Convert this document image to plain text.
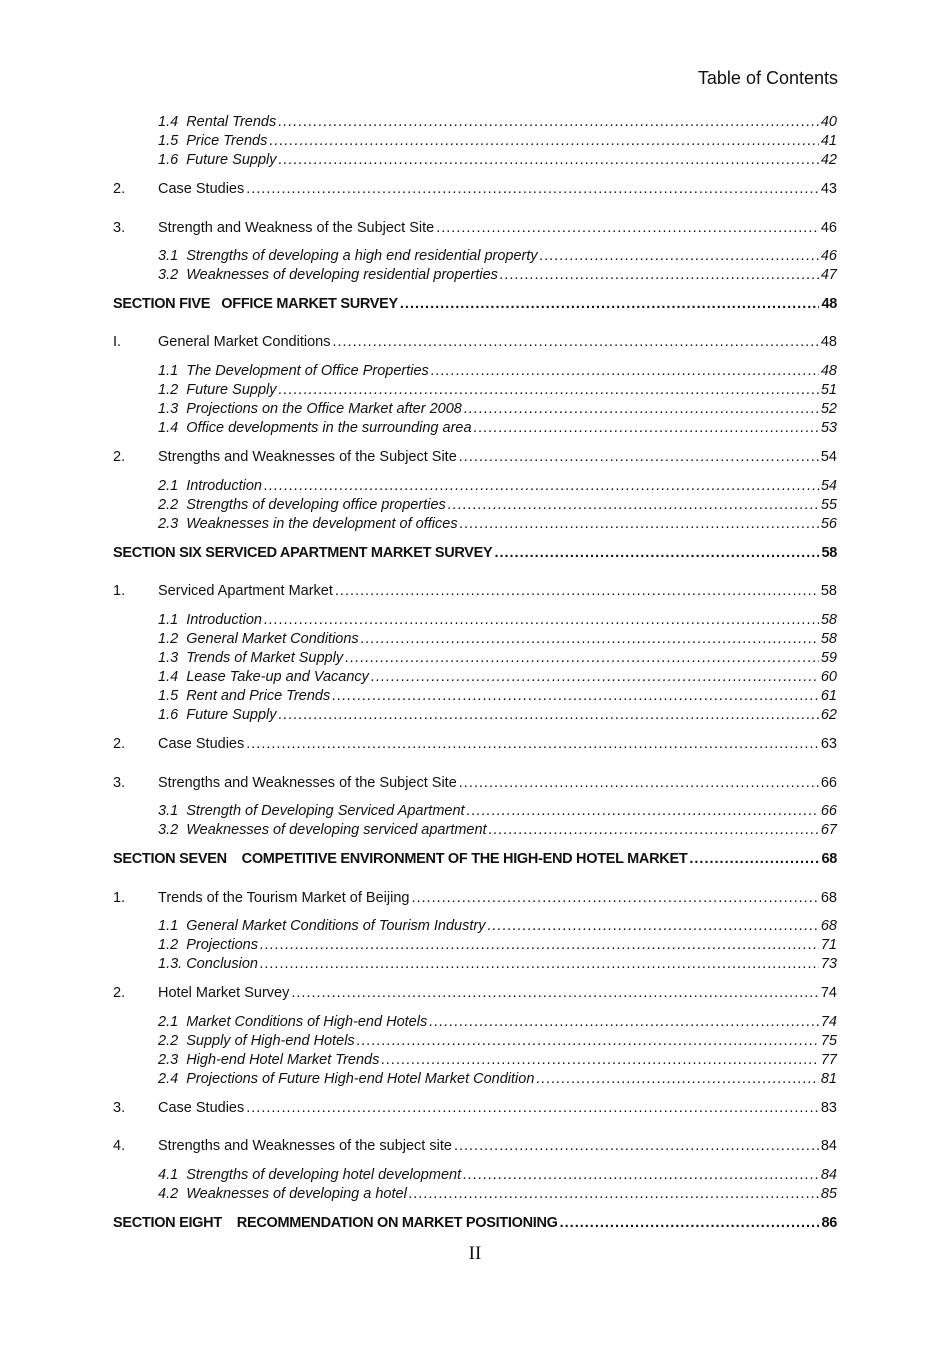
Table of Contents
1.4  Rental Trends .....	40
1.5  Price Trends .....	41
1.6  Future Supply .....	42
2.	Case Studies .....	43
3.	Strength and Weakness of the Subject Site .....	46
3.1  Strengths of developing a high end residential property .....	46
3.2  Weaknesses of developing residential properties .....	47
SECTION FIVE   OFFICE MARKET SURVEY .....	48
I.	General Market Conditions .....	48
1.1  The Development of Office Properties .....	48
1.2  Future Supply .....	51
1.3  Projections on the Office Market after 2008 .....	52
1.4  Office developments in the surrounding area .....	53
2.	Strengths and Weaknesses of the Subject Site .....	54
2.1  Introduction .....	54
2.2  Strengths of developing office properties .....	55
2.3  Weaknesses in the development of offices .....	56
SECTION SIX SERVICED APARTMENT MARKET SURVEY .....	58
1.	Serviced Apartment Market .....	58
1.1  Introduction .....	58
1.2  General Market Conditions .....	58
1.3  Trends of Market Supply .....	59
1.4  Lease Take-up and Vacancy .....	60
1.5  Rent and Price Trends .....	61
1.6  Future Supply .....	62
2.	Case Studies .....	63
3.	Strengths and Weaknesses of the Subject Site .....	66
3.1  Strength of Developing Serviced Apartment .....	66
3.2  Weaknesses of developing serviced apartment .....	67
SECTION SEVEN    COMPETITIVE ENVIRONMENT OF THE HIGH-END HOTEL MARKET .....	68
1.	Trends of the Tourism Market of Beijing .....	68
1.1  General Market Conditions of Tourism Industry .....	68
1.2  Projections .....	71
1.3. Conclusion .....	73
2.	Hotel Market Survey .....	74
2.1  Market Conditions of High-end Hotels .....	74
2.2  Supply of High-end Hotels .....	75
2.3  High-end Hotel Market Trends .....	77
2.4  Projections of Future High-end Hotel Market Condition .....	81
3.	Case Studies .....	83
4.	Strengths and Weaknesses of the subject site .....	84
4.1  Strengths of developing hotel development .....	84
4.2  Weaknesses of developing a hotel .....	85
SECTION EIGHT    RECOMMENDATION ON MARKET POSITIONING .....	86
II
